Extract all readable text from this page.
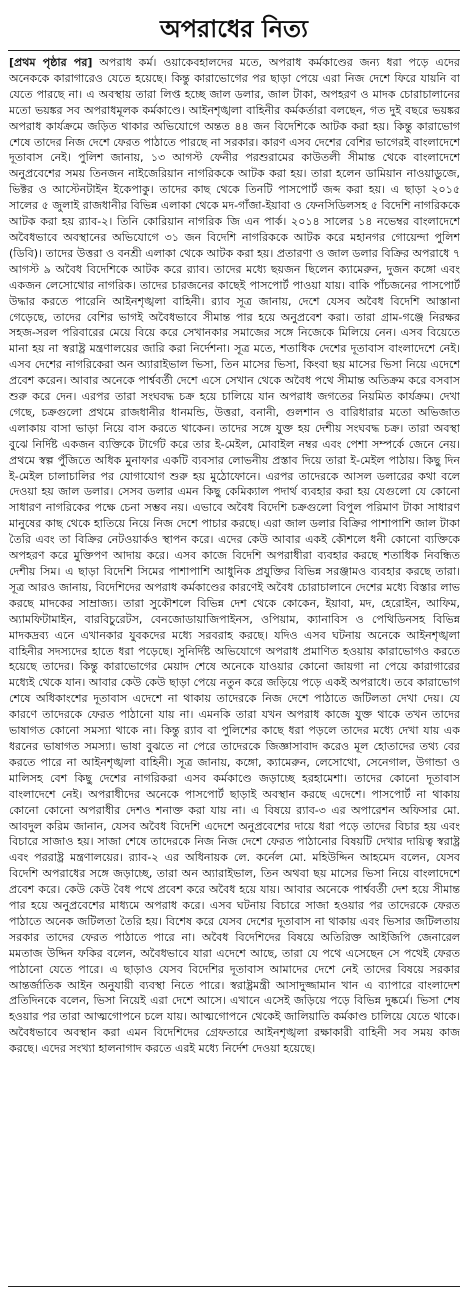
অপরাধের নিত্য

[প্রথম পৃষ্ঠার পর] অপরাধ কর্ম। ওয়াকেবহালদের মতে, অপরাধ কর্মকাণ্ডের জন্য ধরা পড়ে এদের অনেককে কারাগারেও যেতে হয়েছে। কিন্তু কারাভোগের পর ছাড়া পেয়ে এরা নিজ দেশে ফিরে যায়নি বা যেতে পারছে না। এ অবস্থায় তারা লিপ্ত হচ্ছে জাল ডলার, জাল টাকা, অপহরণ ও মাদক চোরাচালানের মতো ভয়ঙ্কর সব অপরাধমূলক কর্মকাণ্ডে। আইনশৃঙ্খলা বাহিনীর কর্মকর্তারা বলছেন, গত দুই বছরে ভয়ঙ্কর অপরাধ কার্যক্রমে জড়িত থাকার অভিযোগে অন্তত ৪৪ জন বিদেশিকে আটক করা হয়। কিন্তু কারাভোগ শেষে তাদের নিজ দেশে ফেরত পাঠাতে পারছে না সরকার। কারণ এসব দেশের বেশির ভাগেরই বাংলাদেশে দূতাবাস নেই। পুলিশ জানায়, ১৩ আগস্ট ফেনীর পরশুরামের কাউতলী সীমান্ত থেকে বাংলাদেশে অনুপ্রবেশের সময় তিনজন নাইজেরিয়ান নাগরিককে আটক করা হয়। তারা হলেন ডামিয়ান নাওয়াডুজে, ভিক্টর ও আস্টেনটাইন ইকেপাকু। তাদের কাছ থেকে তিনটি পাসপোর্ট জব্দ করা হয়। এ ছাড়া ২০১৫ সালের ৫ জুলাই রাজধানীর বিভিন্ন এলাকা থেকে মদ-গাঁজা-ইয়াবা ও ফেনসিডিলসহ ৫ বিদেশি নাগরিককে আটক করা হয় র‌্যাব-২। তিনি কোরিয়ান নাগরিক জি এন পার্ক। ২০১৪ সালের ১৪ নভেম্বর বাংলাদেশে অবৈধভাবে অবস্থানের অভিযোগে ৩১ জন বিদেশি নাগরিককে আটক করে মহানগর গোয়েন্দা পুলিশ (ডিবি)। তাদের উত্তরা ও বনশ্রী এলাকা থেকে আটক করা হয়। প্রতারণা ও জাল ডলার বিক্রির অপরাধে ৭ আগস্ট ৯ অবৈধ বিদেশিকে আটক করে র‌্যাব। তাদের মধ্যে ছয়জন ছিলেন ক্যামেরুন, দুজন কঙ্গো এবং একজন লেসোথোর নাগরিক। তাদের চারজনের কাছেই পাসপোর্ট পাওয়া যায়। বাকি পাঁচজনের পাসপোর্ট উদ্ধার করতে পারেনি আইনশৃঙ্খলা বাহিনী। র‌্যাব সূত্র জানায়, দেশে যেসব অবৈধ বিদেশি আস্তানা গেড়েছে, তাদের বেশির ভাগই অবৈধভাবে সীমান্ত পার হয়ে অনুপ্রবেশ করা। তারা গ্রাম-গঞ্জে নিরক্ষর সহজ-সরল পরিবারের মেয়ে বিয়ে করে সেখানকার সমাজের সঙ্গে নিজেকে মিলিয়ে নেন। এসব বিয়েতে মানা হয় না স্বরাষ্ট্র মন্ত্রণালয়ের জারি করা নির্দেশনা। সূত্র মতে, শতাধিক দেশের দূতাবাস বাংলাদেশে নেই। এসব দেশের নাগরিকেরা অন অ্যারাইভাল ভিসা, তিন মাসের ভিসা, কিংবা ছয় মাসের ভিসা নিয়ে এদেশে প্রবেশ করেন। আবার অনেকে পার্শ্ববর্তী দেশে এসে সেখান থেকে অবৈধ পথে সীমান্ত অতিক্রম করে বসবাস শুরু করে দেন। এরপর তারা সংঘবদ্ধ চক্র হয়ে চালিয়ে যান অপরাধ জগতের নিয়মিত কার্যক্রম। দেখা গেছে, চক্রগুলো প্রথমে রাজধানীর ধানমন্ডি, উত্তরা, বনানী, গুলশান ও বারিধারার মতো অভিজাত এলাকায় বাসা ভাড়া নিয়ে বাস করতে থাকেন। তাদের সঙ্গে যুক্ত হয় দেশীয় সংঘবদ্ধ চক্র। তারা অবস্থা বুঝে নির্দিষ্ট একজন ব্যক্তিকে টার্গেট করে তার ই-মেইল, মোবাইল নম্বর এবং পেশা সম্পর্কে জেনে নেয়। প্রথমে স্বল্প পুঁজিতে অধিক মুনাফার একটি ব্যবসার লোভনীয় প্রস্তাব দিয়ে তারা ই-মেইল পাঠায়। কিছু দিন ই-মেইল চালাচালির পর যোগাযোগ শুরু হয় মুঠোফোনে। এরপর তাদেরকে আসল ডলারের কথা বলে দেওয়া হয় জাল ডলার। সেসব ডলার এমন কিছু কেমিক্যাল পদার্থ ব্যবহার করা হয় যেগুলো যে কোনো সাধারণ নাগরিকের পক্ষে চেনা সম্ভব নয়। এভাবে অবৈধ বিদেশি চক্রগুলো বিপুল পরিমাণ টাকা সাধারণ মানুষের কাছ থেকে হাতিয়ে নিয়ে নিজ দেশে পাচার করছে। এরা জাল ডলার বিক্রির পাশাপাশি জাল টাকা তৈরি এবং তা বিক্রির নেটওয়ার্কও স্থাপন করে। এদের কেউ আবার একই কৌশলে ধনী কোনো ব্যক্তিকে অপহরণ করে মুক্তিপণ আদায় করে। এসব কাজে বিদেশি অপরাধীরা ব্যবহার করছে শতাধিক নিবন্ধিত দেশীয় সিম। এ ছাড়া বিদেশি সিমের পাশাপাশি আধুনিক প্রযুক্তির বিভিন্ন সরঞ্জামও ব্যবহার করছে তারা। সূত্র আরও জানায়, বিদেশিদের অপরাধ কর্মকাণ্ডের কারণেই অবৈধ চোরাচালানে দেশের মধ্যে বিস্তার লাভ করছে মাদকের সাম্রাজ্য। তারা সুকৌশলে বিভিন্ন দেশ থেকে কোকেন, ইয়াবা, মদ, হেরোইন, আফিম, অ্যামফিটামাইন, বারবিচুরেটস, বেনজোডায়াজিপাইনস, ওপিয়াম, ক্যানাবিস ও পেথিডিনসহ বিভিন্ন মাদকদ্রব্য এনে এখানকার যুবকদের মধ্যে সরবরাহ করছে। যদিও এসব ঘটনায় অনেকে আইনশৃঙ্খলা বাহিনীর সদস্যদের হাতে ধরা পড়েছে। সুনির্দিষ্ট অভিযোগে অপরাধ প্রমাণিত হওয়ায় কারাভোগও করতে হয়েছে তাদের। কিন্তু কারাভোগের মেয়াদ শেষে অনেকে যাওয়ার কোনো জায়গা না পেয়ে কারাগারের মধ্যেই থেকে যান। আবার কেউ কেউ ছাড়া পেয়ে নতুন করে জড়িয়ে পড়ে একই অপরাধে। তবে কারাভোগ শেষে অধিকাংশের দূতাবাস এদেশে না থাকায় তাদেরকে নিজ দেশে পাঠাতে জটিলতা দেখা দেয়। যে কারণে তাদেরকে ফেরত পাঠানো যায় না। এমনকি তারা যখন অপরাধ কাজে যুক্ত থাকে তখন তাদের ভাষাগত কোনো সমস্যা থাকে না। কিন্তু র‌্যাব বা পুলিশের কাছে ধরা পড়লে তাদের মধ্যে দেখা যায় এক ধরনের ভাষাগত সমস্যা। ভাষা বুঝতে না পেরে তাদেরকে জিজ্ঞাসাবাদ করেও মূল হোতাদের তথ্য বের করতে পারে না আইনশৃঙ্খলা বাহিনী। সূত্র জানায়, কঙ্গো, ক্যামেরুন, লেসোথো, সেনেগাল, উগান্ডা ও মালিসহ বেশ কিছু দেশের নাগরিকরা এসব কর্মকাণ্ডে জড়াচ্ছে হরহামেশা। তাদের কোনো দূতাবাস বাংলাদেশে নেই। অপরাধীদের অনেকে পাসপোর্ট ছাড়াই অবস্থান করছে এদেশে। পাসপোর্ট না থাকায় কোনো কোনো অপরাধীর দেশও শনাক্ত করা যায় না। এ বিষয়ে র‌্যাব-৩ এর অপারেশন অফিসার মো. আবদুল করিম জানান, যেসব অবৈধ বিদেশি এদেশে অনুপ্রবেশের দায়ে ধরা পড়ে তাদের বিচার হয় এবং বিচারে সাজাও হয়। সাজা শেষে তাদেরকে নিজ নিজ দেশে ফেরত পাঠানোর বিষয়টি দেখার দায়িত্ব স্বরাষ্ট্র এবং পররাষ্ট্র মন্ত্রণালয়ের। র‌্যাব-২ এর অধিনায়ক লে. কর্নেল মো. মহিউদ্দিন আহমেদ বলেন, যেসব বিদেশি অপরাধের সঙ্গে জড়াচ্ছে, তারা অন অ্যারাইভাল, তিন অথবা ছয় মাসের ভিসা নিয়ে বাংলাদেশে প্রবেশ করে। কেউ কেউ বৈধ পথে প্রবেশ করে অবৈধ হয়ে যায়। আবার অনেকে পার্শ্ববর্তী দেশ হয়ে সীমান্ত পার হয়ে অনুপ্রবেশের মাধ্যমে অপরাধ করে। এসব ঘটনায় বিচারে সাজা হওয়ার পর তাদেরকে ফেরত পাঠাতে অনেক জটিলতা তৈরি হয়। বিশেষ করে যেসব দেশের দূতাবাস না থাকায় এবং ভিসার জটিলতায় সরকার তাদের ফেরত পাঠাতে পারে না। অবৈধ বিদেশিদের বিষয়ে অতিরিক্ত আইজিপি জেনারেল মমতাজ উদ্দিন ফকির বলেন, অবৈধভাবে যারা এদেশে আছে, তারা যে পথে এসেছেন সে পথেই ফেরত পাঠানো যেতে পারে। এ ছাড়াও যেসব বিদেশির দূতাবাস আমাদের দেশে নেই তাদের বিষয়ে সরকার আন্তর্জাতিক আইন অনুযায়ী ব্যবস্থা নিতে পারে। স্বরাষ্ট্রমন্ত্রী আসাদুজ্জামান খান এ ব্যাপারে বাংলাদেশ প্রতিদিনকে বলেন, ভিসা নিয়েই এরা দেশে আসে। এখানে এসেই জড়িয়ে পড়ে বিভিন্ন দুষ্কর্মে। ভিসা শেষ হওয়ার পর তারা আত্মগোপনে চলে যায়। আত্মগোপনে থেকেই জালিয়াতি কর্মকাণ্ড চালিয়ে যেতে থাকে। অবৈধভাবে অবস্থান করা এমন বিদেশিদের গ্রেফতারে আইনশৃঙ্খলা রক্ষাকারী বাহিনী সব সময় কাজ করছে। এদের সংখ্যা হালনাগাদ করতে এরই মধ্যে নির্দেশ দেওয়া হয়েছে।
